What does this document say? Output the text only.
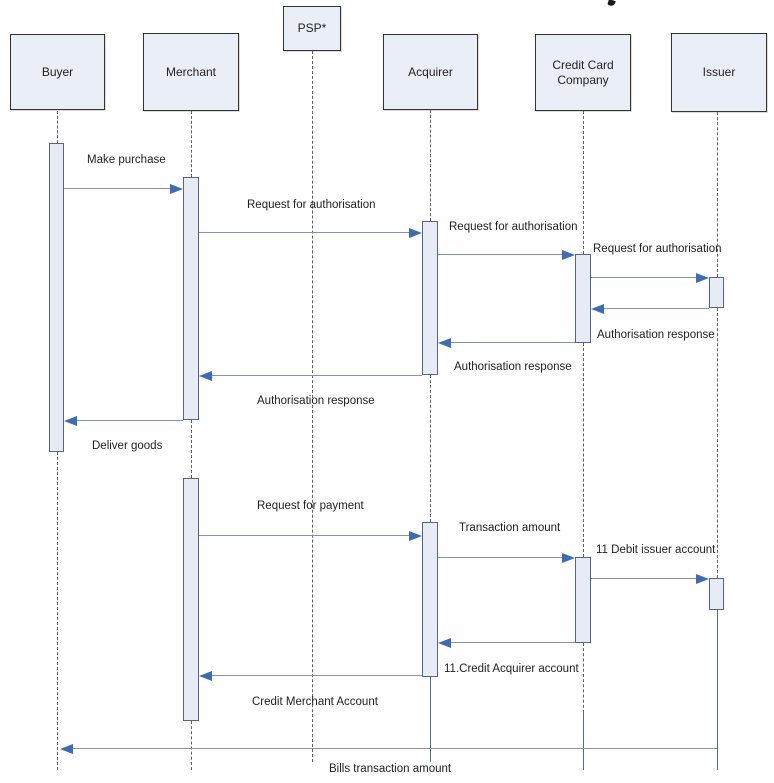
Buyer	Merchant
PSP*
Acquirer	Credit Card Company
Issuer
Make purchase
Request for authorisation
Request for authorisation
Request for authorisation
Authorisation response
Authorisation response
Authorisation response
Deliver goods
Request for payment
Transaction amount
11 Debit issuer account
11.Credit Acquirer account
Credit Merchant Account
Bills transaction amount
